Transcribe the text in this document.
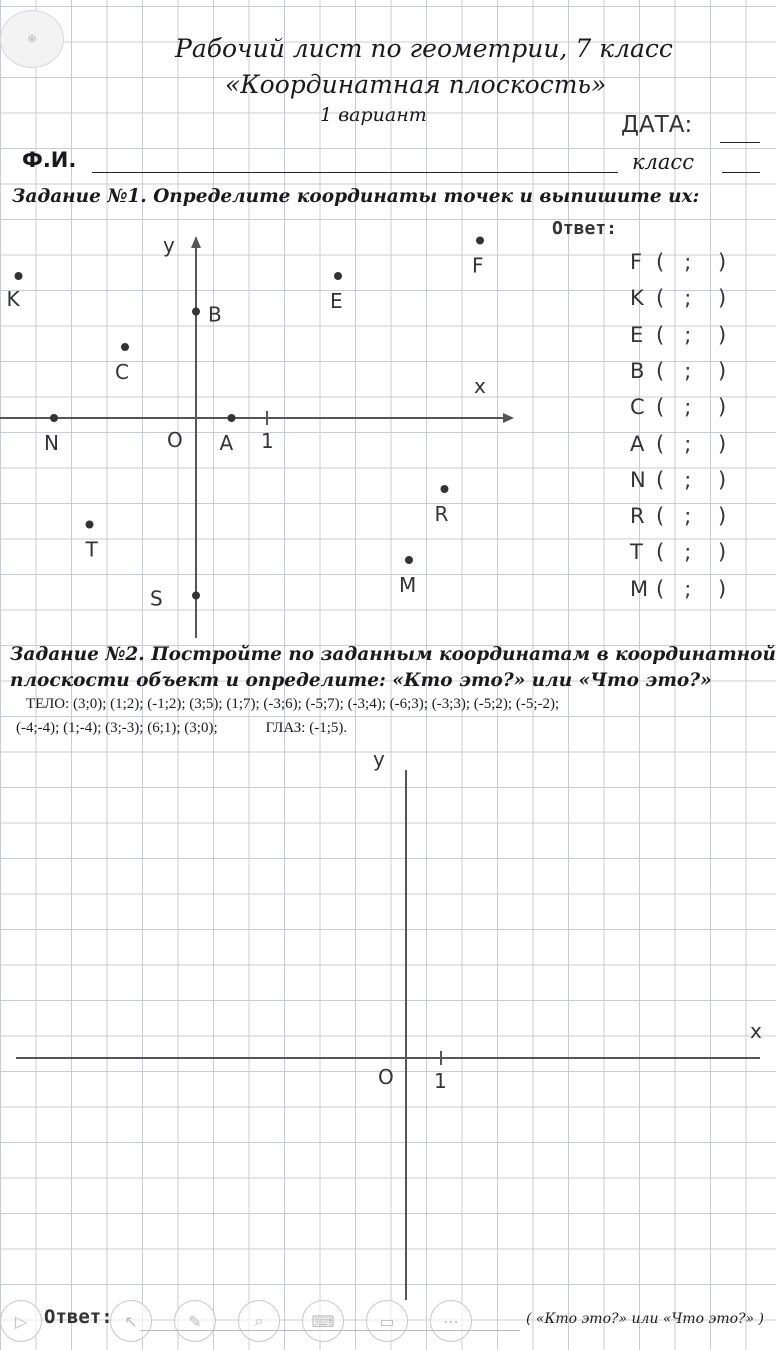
◎	Рабочий лист по геометрии, 7 класс
«Координатная плоскость»
1 вариант	ДАТА:
Ф.И.	класс
Задание №1. Определите координаты точек и выпишите их:
Ответ:
x
y
O	1
K	E
F
B
C
N	A
R
T
M
S
F (   ;    )
K (   ;    )
E (   ;    )
B (   ;    )
C (   ;    )
A (   ;    )
N (   ;    )
R (   ;    )
T (   ;    )
M (   ;    )
Задание №2. Постройте по заданным координатам в координатной
плоскости объект и определите: «Кто это?» или «Что это?»
ТЕЛО: (3;0); (1;2); (-1;2); (3;5); (1;7); (-3;6); (-5;7); (-3;4); (-6;3); (-3;3); (-5;2); (-5;-2);
(-4;-4); (1;-4); (3;-3); (6;1); (3;0);	ГЛАЗ: (-1;5).
x
y
O 1
▷	↖	✎	⌕	⌨	▭	⋯
Ответ:	( «Кто это?» или «Что это?» )
